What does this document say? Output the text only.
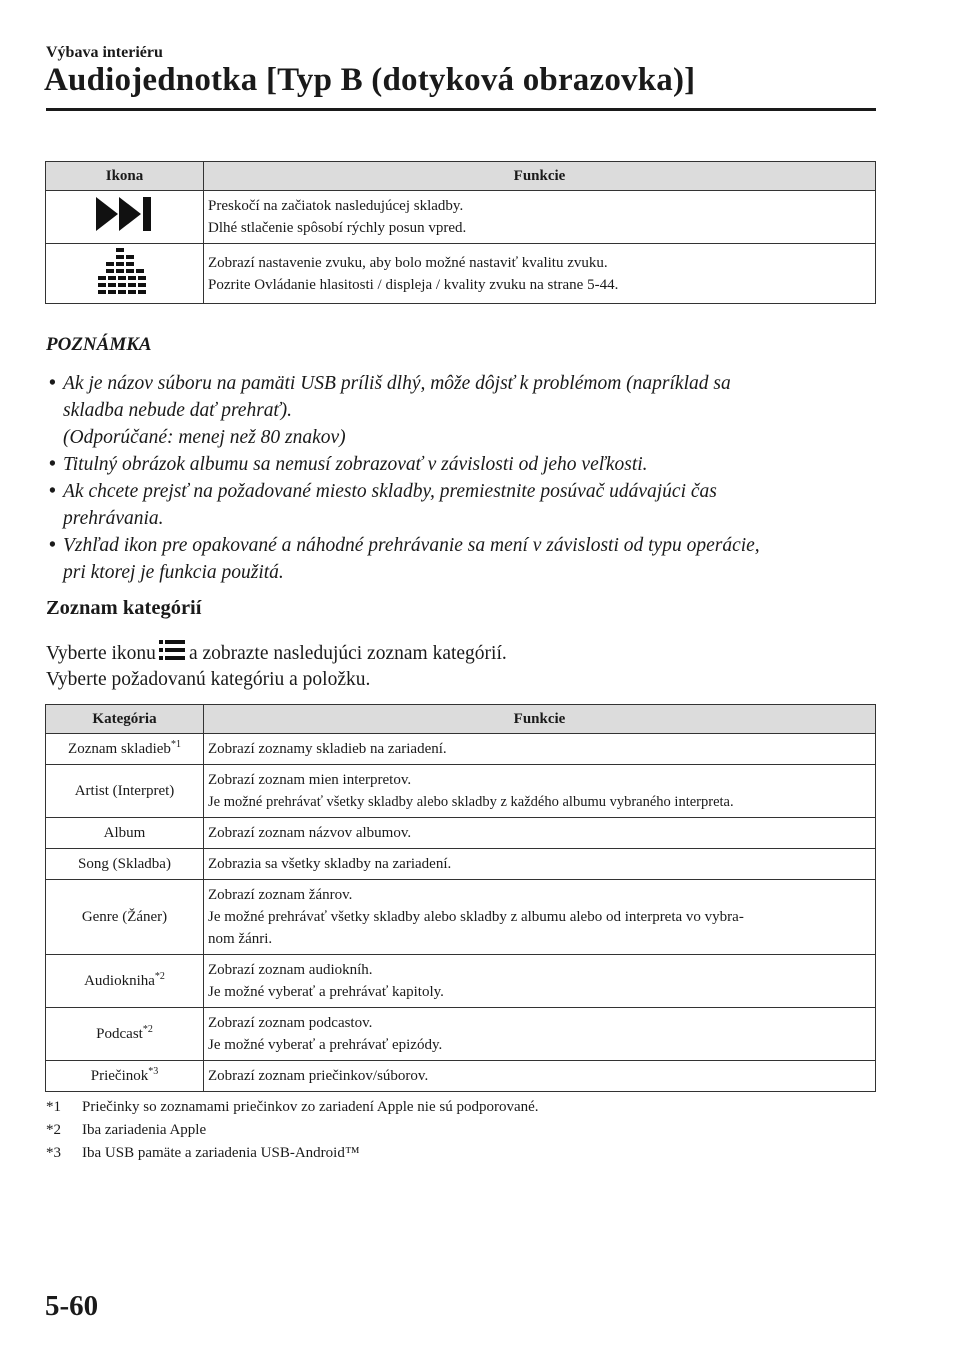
Výbava interiéru
Audiojednotka [Typ B (dotyková obrazovka)]
Ikona	Funkcie

Preskočí na začiatok nasledujúcej skladby.
Dlhé stlačenie spôsobí rýchly posun vpred.

Zobrazí nastavenie zvuku, aby bolo možné nastaviť kvalitu zvuku.
Pozrite Ovládanie hlasitosti / displeja / kvality zvuku na strane 5-44.
POZNÁMKA
• Ak je názov súboru na pamäti USB príliš dlhý, môže dôjsť k problémom (napríklad sa
skladba nebude dať prehrať).
(Odporúčané: menej než 80 znakov)
• Titulný obrázok albumu sa nemusí zobrazovať v závislosti od jeho veľkosti.
• Ak chcete prejsť na požadované miesto skladby, premiestnite posúvač udávajúci čas
prehrávania.
• Vzhľad ikon pre opakované a náhodné prehrávanie sa mení v závislosti od typu operácie,
pri ktorej je funkcia použitá.
Zoznam kategórií
Vyberte ikonu a zobrazte nasledujúci zoznam kategórií.
Vyberte požadovanú kategóriu a položku.
Kategória	Funkcie
Zoznam skladieb$^{*1}$	Zobrazí zoznamy skladieb na zariadení.

Artist (Interpret)	Zobrazí zoznam mien interpretov.
Je možné prehrávať všetky skladby alebo skladby z každého albumu vybraného interpreta.

Album	Zobrazí zoznam názvov albumov.

Song (Skladba)	Zobrazia sa všetky skladby na zariadení.

Genre (Žáner)	Zobrazí zoznam žánrov.
Je možné prehrávať všetky skladby alebo skladby z albumu alebo od interpreta vo vybra-
nom žánri.

Audiokniha$^{*2}$	Zobrazí zoznam audiokníh.
Je možné vyberať a prehrávať kapitoly.

Podcast$^{*2}$	Zobrazí zoznam podcastov.
Je možné vyberať a prehrávať epizódy.

Priečinok$^{*3}$	Zobrazí zoznam priečinkov/súborov.
*1 Priečinky so zoznamami priečinkov zo zariadení Apple nie sú podporované.
*2 Iba zariadenia Apple
*3 Iba USB pamäte a zariadenia USB-Android™
5-60
